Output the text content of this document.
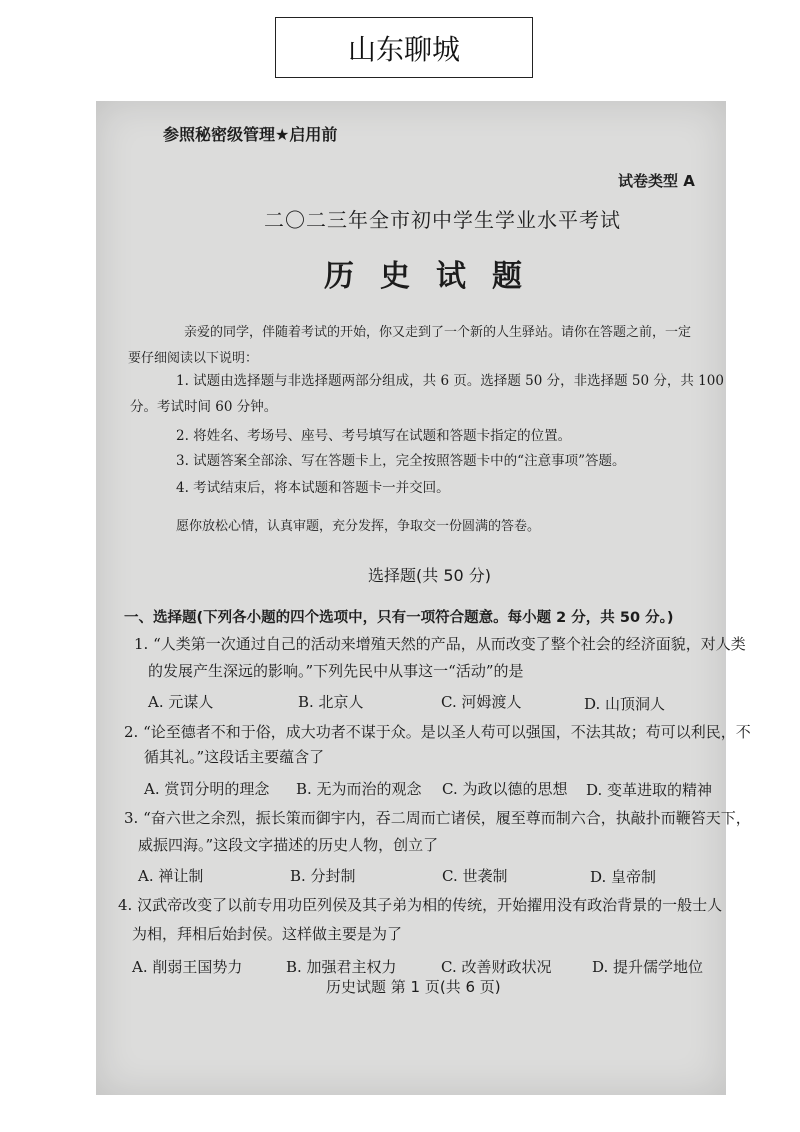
山东聊城
参照秘密级管理★启用前
试卷类型 A
二〇二三年全市初中学生学业水平考试
历史试题
亲爱的同学，伴随着考试的开始，你又走到了一个新的人生驿站。请你在答题之前，一定
要仔细阅读以下说明：
1. 试题由选择题与非选择题两部分组成，共 6 页。选择题 50 分，非选择题 50 分，共 100
分。考试时间 60 分钟。
2. 将姓名、考场号、座号、考号填写在试题和答题卡指定的位置。
3. 试题答案全部涂、写在答题卡上，完全按照答题卡中的“注意事项”答题。
4. 考试结束后，将本试题和答题卡一并交回。
愿你放松心情，认真审题，充分发挥，争取交一份圆满的答卷。
选择题(共 50 分)
一、选择题(下列各小题的四个选项中，只有一项符合题意。每小题 2 分，共 50 分。)
1. “人类第一次通过自己的活动来增殖天然的产品，从而改变了整个社会的经济面貌，对人类
的发展产生深远的影响。”下列先民中从事这一“活动”的是
A. 元谋人	B. 北京人	C. 河姆渡人	D. 山顶洞人
2. “论至德者不和于俗，成大功者不谋于众。是以圣人苟可以强国，不法其故；苟可以利民，不
循其礼。”这段话主要蕴含了
A. 赏罚分明的理念 B. 无为而治的观念 C. 为政以德的思想 D. 变革进取的精神
3. “奋六世之余烈，振长策而御宇内，吞二周而亡诸侯，履至尊而制六合，执敲扑而鞭笞天下，
威振四海。”这段文字描述的历史人物，创立了
A. 禅让制	B. 分封制	C. 世袭制	D. 皇帝制
4. 汉武帝改变了以前专用功臣列侯及其子弟为相的传统，开始擢用没有政治背景的一般士人
为相，拜相后始封侯。这样做主要是为了
A. 削弱王国势力	B. 加强君主权力	C. 改善财政状况	D. 提升儒学地位
历史试题 第 1 页(共 6 页)
